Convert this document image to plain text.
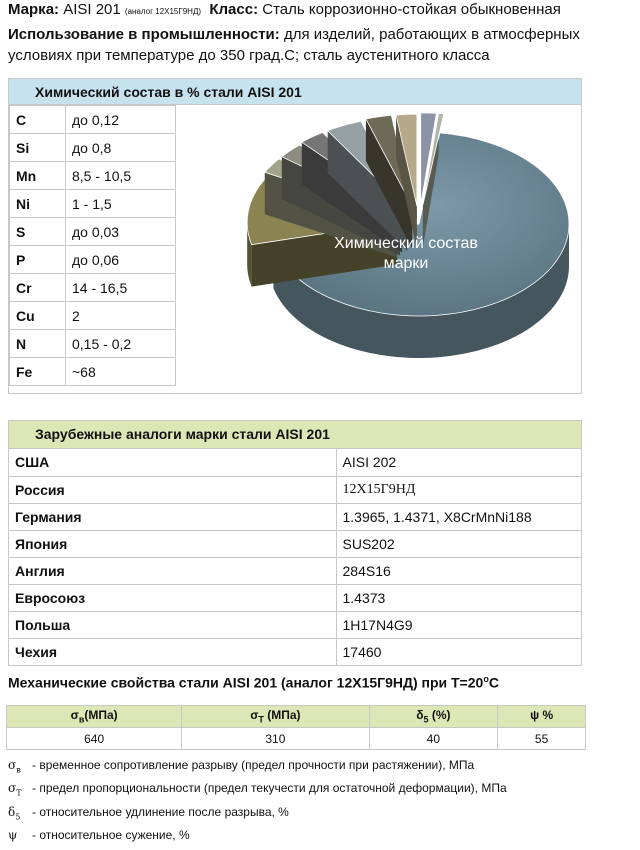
Марка: AISI 201 (аналог 12Х15Г9НД) Класс: Сталь коррозионно-стойкая обыкновенная
Использование в промышленности: для изделий, работающих в атмосферных условиях при температуре до 350 град.С; сталь аустенитного класса
Химический состав в % стали AISI 201
C	до 0,12
Si	до 0,8
Mn	8,5 - 10,5
Ni	1 - 1,5
S	до 0,03
P	до 0,06
Cr	14 - 16,5
Cu	2
N	0,15 - 0,2
Fe	~68
Химический состав
марки
Зарубежные аналоги марки стали AISI 201
США	AISI 202
Россия	12Х15Г9НД
Германия	1.3965, 1.4371, X8CrMnNi188
Япония	SUS202
Англия	284S16
Евросоюз	1.4373
Польша	1H17N4G9
Чехия	17460
Механические свойства стали AISI 201 (аналог 12Х15Г9НД) при $Т=20^oC$
$\sigma_в(МПа)$	$\sigma_T$ (МПа)	$\delta_5$ (%)	ψ %
640	310	40	55
$\sigma_в$ - временное сопротивление разрыву (предел прочности при растяжении), МПа
$\sigma_T$ - предел пропорциональности (предел текучести для остаточной деформации), МПа
$\delta_5$ - относительное удлинение после разрыва, %
ψ - относительное сужение, %
